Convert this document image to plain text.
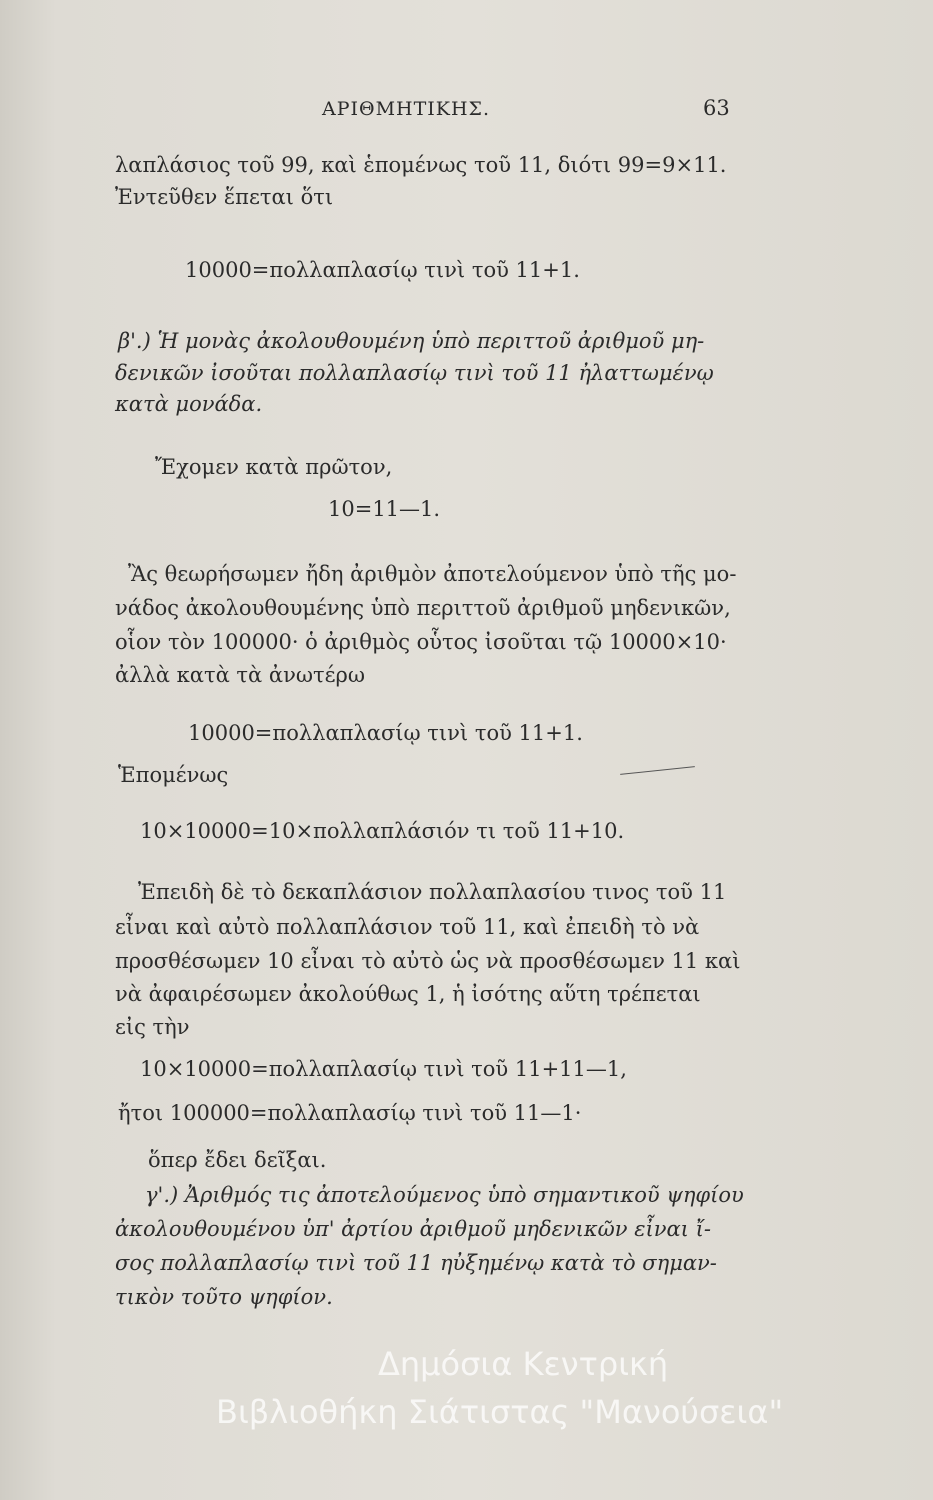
ΑΡΙΘΜΗΤΙΚΗΣ.	63
λαπλάσιος τοῦ 99, καὶ ἑπομένως τοῦ 11, διότι 99=9×11.
Ἐντεῦθεν ἕπεται ὅτι
10000=πολλαπλασίῳ τινὶ τοῦ 11+1.
β'.) Ἡ μονὰς ἀκολουθουμένη ὑπὸ περιττοῦ ἀριθμοῦ μη-
δενικῶν ἰσοῦται πολλαπλασίῳ τινὶ τοῦ 11 ἠλαττωμένῳ
κατὰ μονάδα.
Ἔχομεν κατὰ πρῶτον,
10=11—1.
Ἂς θεωρήσωμεν ἤδη ἀριθμὸν ἀποτελούμενον ὑπὸ τῆς μο-
νάδος ἀκολουθουμένης ὑπὸ περιττοῦ ἀριθμοῦ μηδενικῶν,
οἷον τὸν 100000· ὁ ἀριθμὸς οὗτος ἰσοῦται τῷ 10000×10·
ἀλλὰ κατὰ τὰ ἀνωτέρω
10000=πολλαπλασίῳ τινὶ τοῦ 11+1.
Ἑπομένως
10×10000=10×πολλαπλάσιόν τι τοῦ 11+10.
Ἐπειδὴ δὲ τὸ δεκαπλάσιον πολλαπλασίου τινος τοῦ 11
εἶναι καὶ αὐτὸ πολλαπλάσιον τοῦ 11, καὶ ἐπειδὴ τὸ νὰ
προσθέσωμεν 10 εἶναι τὸ αὐτὸ ὡς νὰ προσθέσωμεν 11 καὶ
νὰ ἀφαιρέσωμεν ἀκολούθως 1, ἡ ἰσότης αὕτη τρέπεται
εἰς τὴν
10×10000=πολλαπλασίῳ τινὶ τοῦ 11+11—1,
ἤτοι 100000=πολλαπλασίῳ τινὶ τοῦ 11—1·
ὅπερ ἔδει δεῖξαι.
γ'.) Ἀριθμός τις ἀποτελούμενος ὑπὸ σημαντικοῦ ψηφίου
ἀκολουθουμένου ὑπ' ἀρτίου ἀριθμοῦ μηδενικῶν εἶναι ἴ-
σος πολλαπλασίῳ τινὶ τοῦ 11 ηὐξημένῳ κατὰ τὸ σημαν-
τικὸν τοῦτο ψηφίον.
Δημόσια Κεντρική
Βιβλιοθήκη Σιάτιστας "Μανούσεια"
